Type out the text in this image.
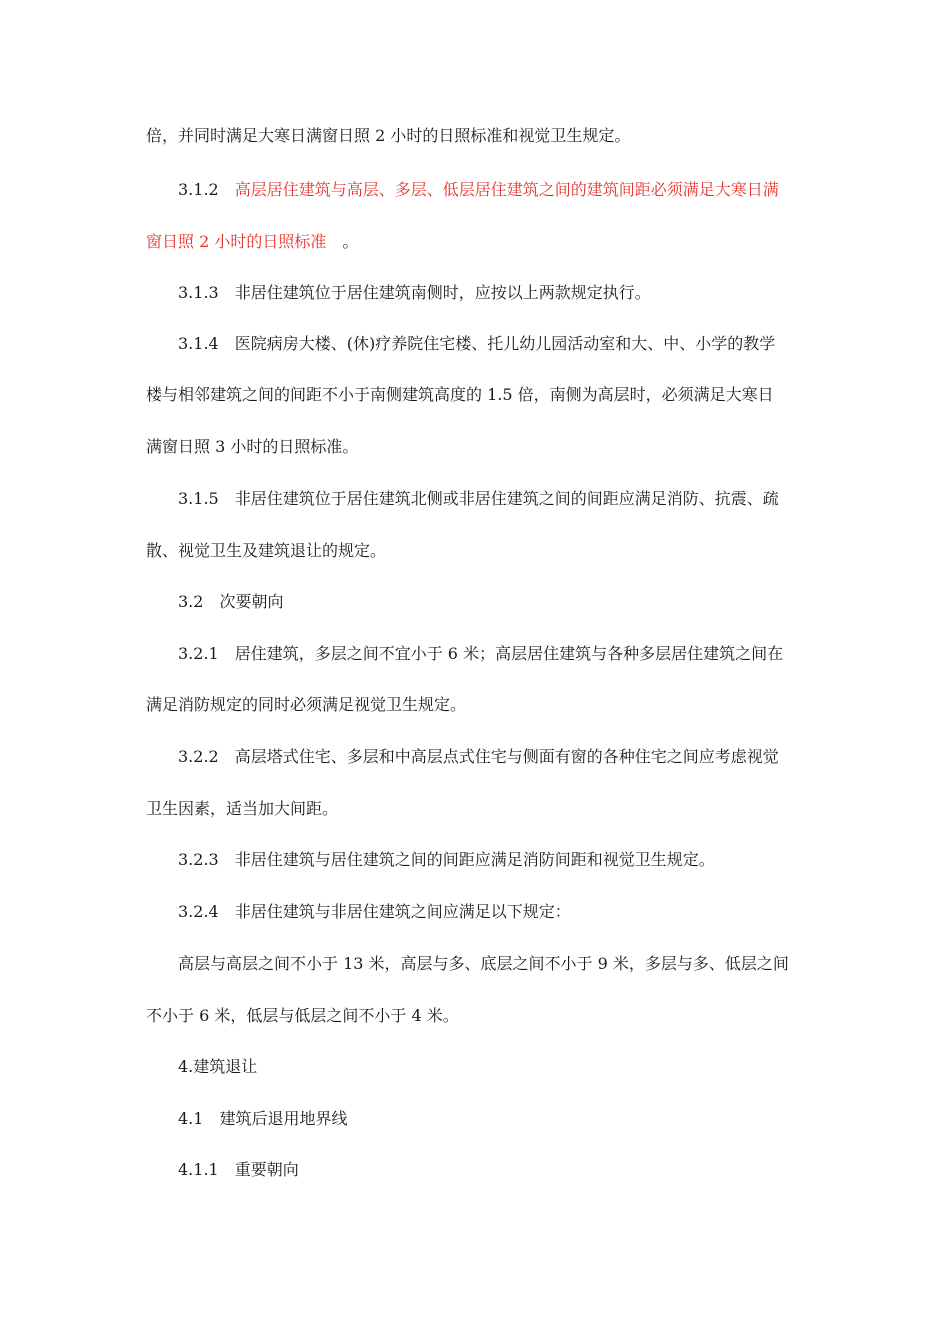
倍，并同时满足大寒日满窗日照 2 小时的日照标准和视觉卫生规定。
3.1.2 高层居住建筑与高层、多层、低层居住建筑之间的建筑间距必须满足大寒日满
窗日照 2 小时的日照标准 。
3.1.3 非居住建筑位于居住建筑南侧时，应按以上两款规定执行。
3.1.4 医院病房大楼、(休)疗养院住宅楼、托儿幼儿园活动室和大、中、小学的教学
楼与相邻建筑之间的间距不小于南侧建筑高度的 1.5 倍，南侧为高层时，必须满足大寒日
满窗日照 3 小时的日照标准。
3.1.5 非居住建筑位于居住建筑北侧或非居住建筑之间的间距应满足消防、抗震、疏
散、视觉卫生及建筑退让的规定。
3.2 次要朝向
3.2.1 居住建筑，多层之间不宜小于 6 米；高层居住建筑与各种多层居住建筑之间在
满足消防规定的同时必须满足视觉卫生规定。
3.2.2 高层塔式住宅、多层和中高层点式住宅与侧面有窗的各种住宅之间应考虑视觉
卫生因素，适当加大间距。
3.2.3 非居住建筑与居住建筑之间的间距应满足消防间距和视觉卫生规定。
3.2.4 非居住建筑与非居住建筑之间应满足以下规定：
高层与高层之间不小于 13 米，高层与多、底层之间不小于 9 米，多层与多、低层之间
不小于 6 米，低层与低层之间不小于 4 米。
4.建筑退让
4.1 建筑后退用地界线
4.1.1 重要朝向
